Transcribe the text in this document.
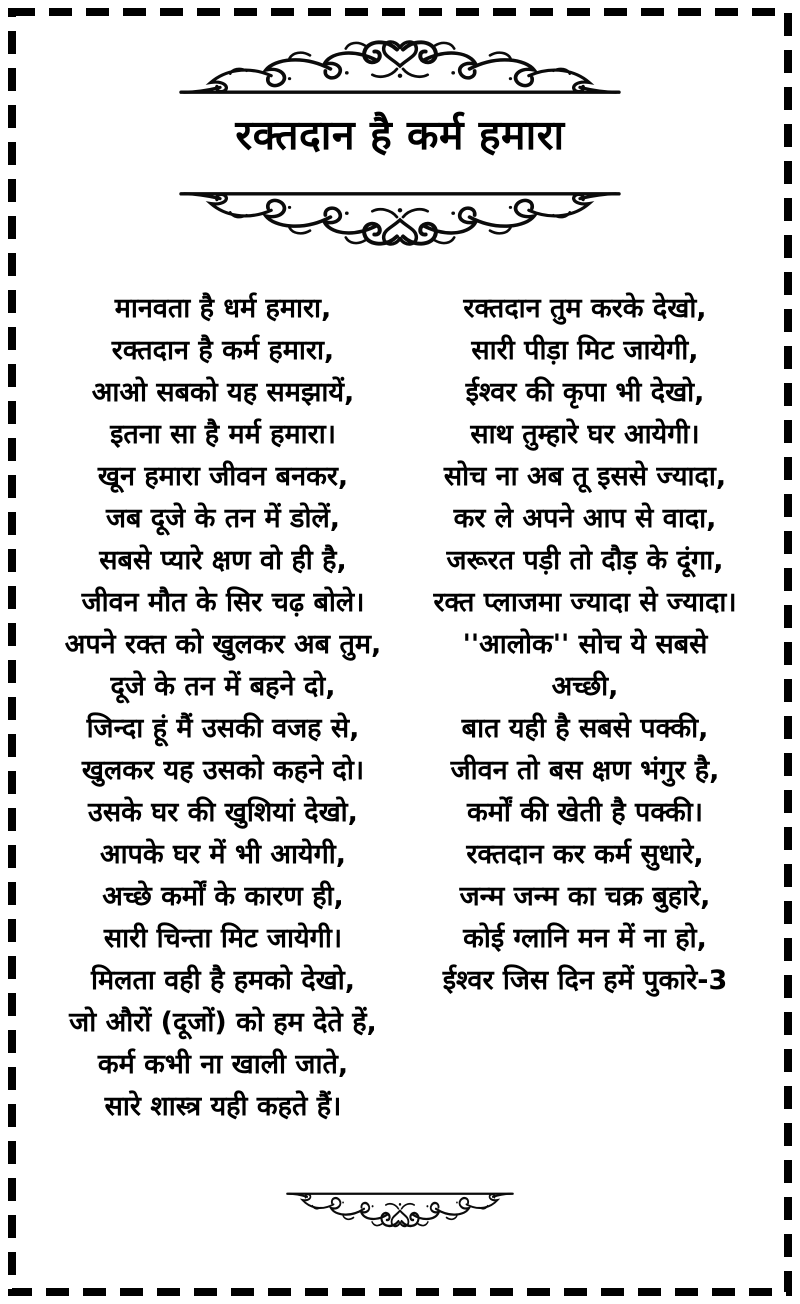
रक्तदान है कर्म हमारा
मानवता है धर्म हमारा,
रक्तदान है कर्म हमारा,
आओ सबको यह समझायें,
इतना सा है मर्म हमारा।
खून हमारा जीवन बनकर,
जब दूजे के तन में डोलें,
सबसे प्यारे क्षण वो ही है,
जीवन मौत के सिर चढ़ बोले।
अपने रक्त को खुलकर अब तुम,
दूजे के तन में बहने दो,
जिन्दा हूं मैं उसकी वजह से,
खुलकर यह उसको कहने दो।
उसके घर की खुशियां देखो,
आपके घर में भी आयेगी,
अच्छे कर्मों के कारण ही,
सारी चिन्ता मिट जायेगी।
मिलता वही है हमको देखो,
जो औरों (दूजों) को हम देते हें,
कर्म कभी ना खाली जाते,
सारे शास्त्र यही कहते हैं।
रक्तदान तुम करके देखो,
सारी पीड़ा मिट जायेगी,
ईश्वर की कृपा भी देखो,
साथ तुम्हारे घर आयेगी।
सोच ना अब तू इससे ज्यादा,
कर ले अपने आप से वादा,
जरूरत पड़ी तो दौड़ के दूंगा,
रक्त प्लाजमा ज्यादा से ज्यादा।
''आलोक'' सोच ये सबसे
अच्छी,
बात यही है सबसे पक्की,
जीवन तो बस क्षण भंगुर है,
कर्मों की खेती है पक्की।
रक्तदान कर कर्म सुधारे,
जन्म जन्म का चक्र बुहारे,
कोई ग्लानि मन में ना हो,
ईश्वर जिस दिन हमें पुकारे-3
